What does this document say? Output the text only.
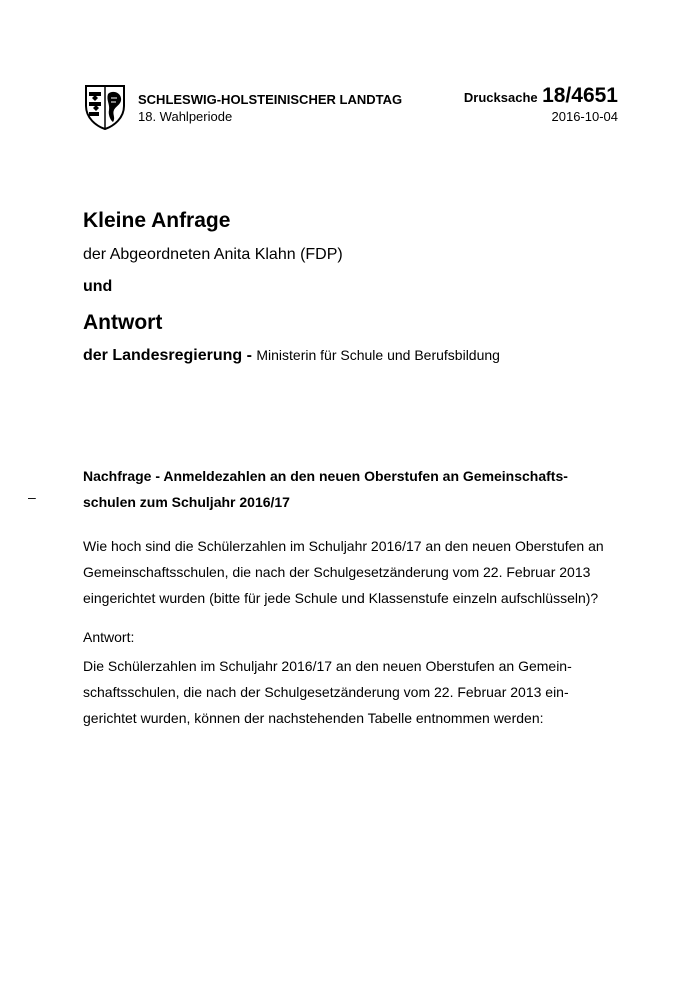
SCHLESWIG-HOLSTEINISCHER LANDTAG
18. Wahlperiode
Drucksache 18/4651
2016-10-04
Kleine Anfrage
der Abgeordneten Anita Klahn (FDP)
und
Antwort
der Landesregierung - Ministerin für Schule und Berufsbildung
–

Nachfrage - Anmeldezahlen an den neuen Oberstufen an Gemeinschafts-
schulen zum Schuljahr 2016/17

Wie hoch sind die Schülerzahlen im Schuljahr 2016/17 an den neuen Oberstufen an
Gemeinschaftsschulen, die nach der Schulgesetzänderung vom 22. Februar 2013
eingerichtet wurden (bitte für jede Schule und Klassenstufe einzeln aufschlüsseln)?

Antwort:

Die Schülerzahlen im Schuljahr 2016/17 an den neuen Oberstufen an Gemein-
schaftsschulen, die nach der Schulgesetzänderung vom 22. Februar 2013 ein-
gerichtet wurden, können der nachstehenden Tabelle entnommen werden:
